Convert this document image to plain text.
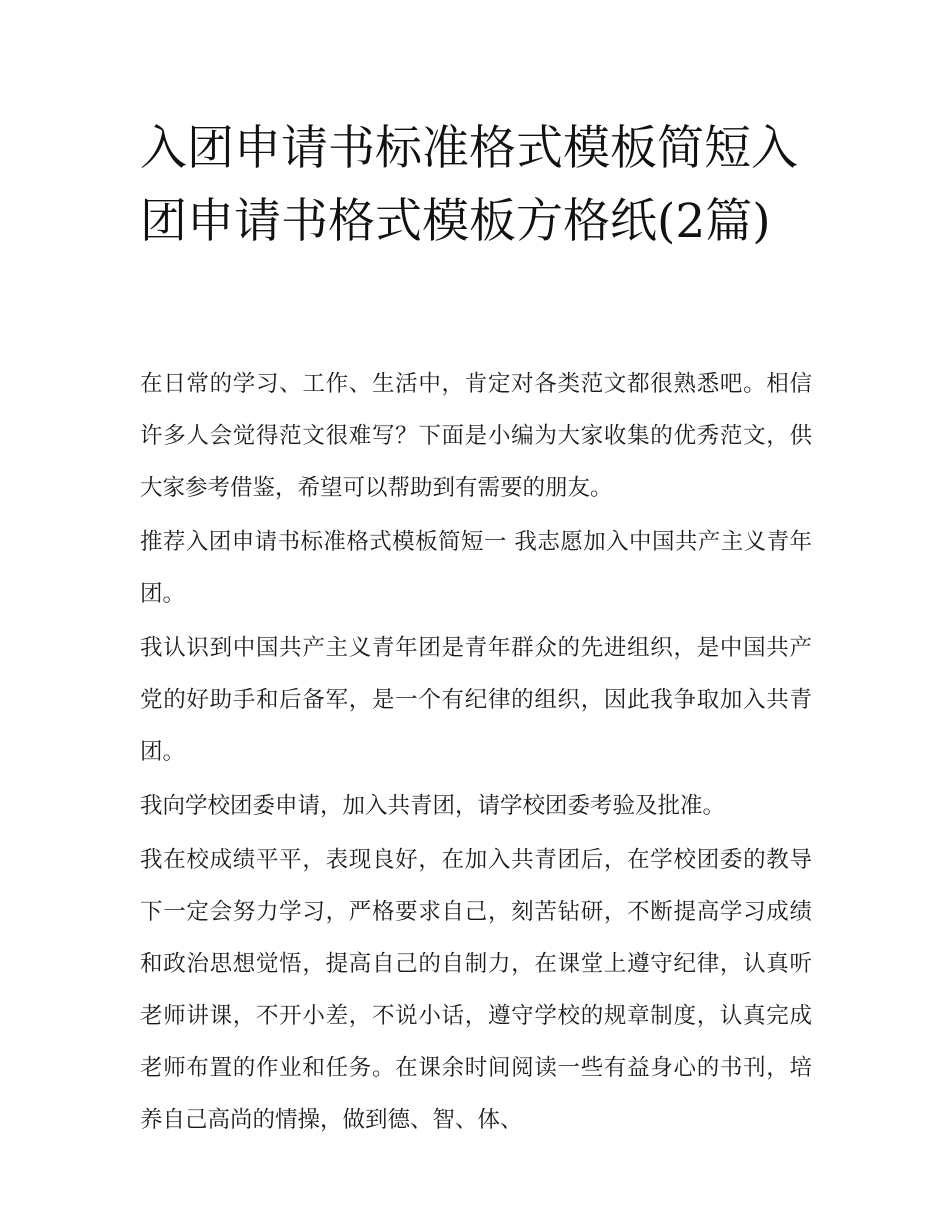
入团申请书标准格式模板简短入团申请书格式模板方格纸(2篇)

在日常的学习、工作、生活中，肯定对各类范文都很熟悉吧。相信许多人会觉得范文很难写？下面是小编为大家收集的优秀范文，供大家参考借鉴，希望可以帮助到有需要的朋友。

推荐入团申请书标准格式模板简短一 我志愿加入中国共产主义青年团。

我认识到中国共产主义青年团是青年群众的先进组织，是中国共产党的好助手和后备军，是一个有纪律的组织，因此我争取加入共青团。

我向学校团委申请，加入共青团，请学校团委考验及批准。

我在校成绩平平，表现良好，在加入共青团后，在学校团委的教导下一定会努力学习，严格要求自己，刻苦钻研，不断提高学习成绩和政治思想觉悟，提高自己的自制力，在课堂上遵守纪律，认真听老师讲课，不开小差，不说小话，遵守学校的规章制度，认真完成老师布置的作业和任务。在课余时间阅读一些有益身心的书刊，培养自己高尚的情操，做到德、智、体、
